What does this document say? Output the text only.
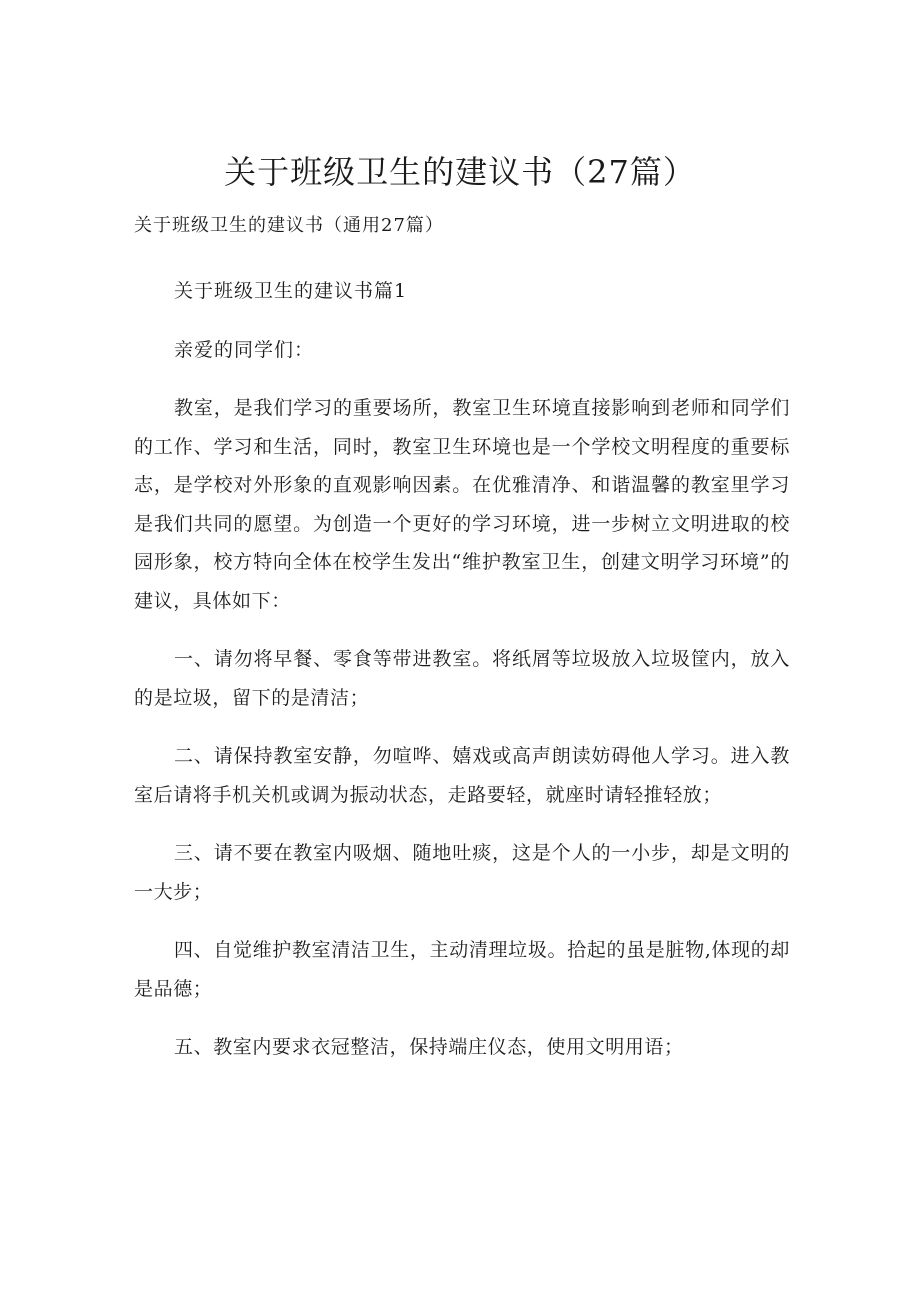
关于班级卫生的建议书（27篇）

关于班级卫生的建议书（通用27篇）

关于班级卫生的建议书篇1

亲爱的同学们：

教室，是我们学习的重要场所，教室卫生环境直接影响到老师和同学们的工作、学习和生活，同时，教室卫生环境也是一个学校文明程度的重要标志，是学校对外形象的直观影响因素。在优雅清净、和谐温馨的教室里学习是我们共同的愿望。为创造一个更好的学习环境，进一步树立文明进取的校园形象，校方特向全体在校学生发出“维护教室卫生，创建文明学习环境”的建议，具体如下：

一、请勿将早餐、零食等带进教室。将纸屑等垃圾放入垃圾筐内，放入的是垃圾，留下的是清洁；

二、请保持教室安静，勿喧哗、嬉戏或高声朗读妨碍他人学习。进入教室后请将手机关机或调为振动状态，走路要轻，就座时请轻推轻放；

三、请不要在教室内吸烟、随地吐痰，这是个人的一小步，却是文明的一大步；

四、自觉维护教室清洁卫生，主动清理垃圾。拾起的虽是脏物,体现的却是品德；

五、教室内要求衣冠整洁，保持端庄仪态，使用文明用语；
